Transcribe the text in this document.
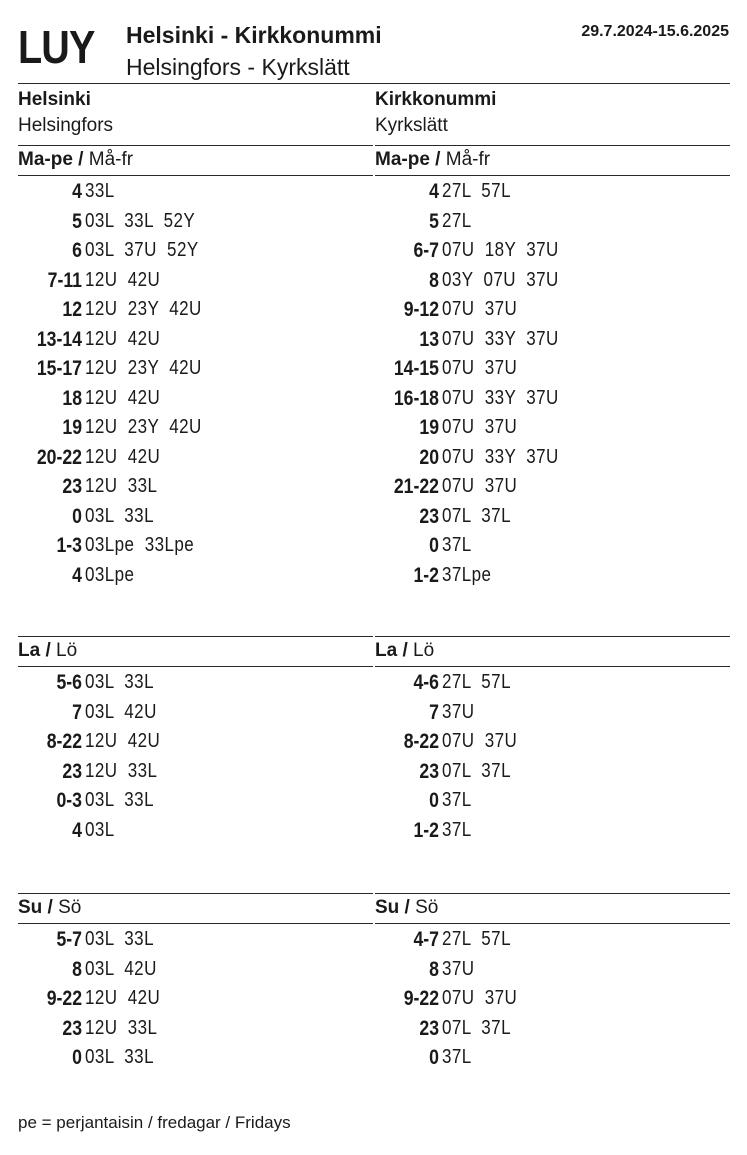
LUY Helsinki - Kirkkonummi
Helsingfors - Kyrkslätt
29.7.2024-15.6.2025
Helsinki
Helsingfors
Kirkkonummi
Kyrkslätt
Ma-pe / Må-fr
4 33L
5 03L  33L  52Y
6 03L  37U  52Y
7-11 12U  42U
12 12U  23Y  42U
13-14 12U  42U
15-17 12U  23Y  42U
18 12U  42U
19 12U  23Y  42U
20-22 12U  42U
23 12U  33L
0 03L  33L
1-3 03Lpe  33Lpe
4 03Lpe
Ma-pe / Må-fr
4 27L  57L
5 27L
6-7 07U  18Y  37U
8 03Y  07U  37U
9-12 07U  37U
13 07U  33Y  37U
14-15 07U  37U
16-18 07U  33Y  37U
19 07U  37U
20 07U  33Y  37U
21-22 07U  37U
23 07L  37L
0 37L
1-2 37Lpe
La / Lö
5-6 03L  33L
7 03L  42U
8-22 12U  42U
23 12U  33L
0-3 03L  33L
4 03L
La / Lö
4-6 27L  57L
7 37U
8-22 07U  37U
23 07L  37L
0 37L
1-2 37L
Su / Sö
5-7 03L  33L
8 03L  42U
9-22 12U  42U
23 12U  33L
0 03L  33L
Su / Sö
4-7 27L  57L
8 37U
9-22 07U  37U
23 07L  37L
0 37L
pe = perjantaisin / fredagar / Fridays
